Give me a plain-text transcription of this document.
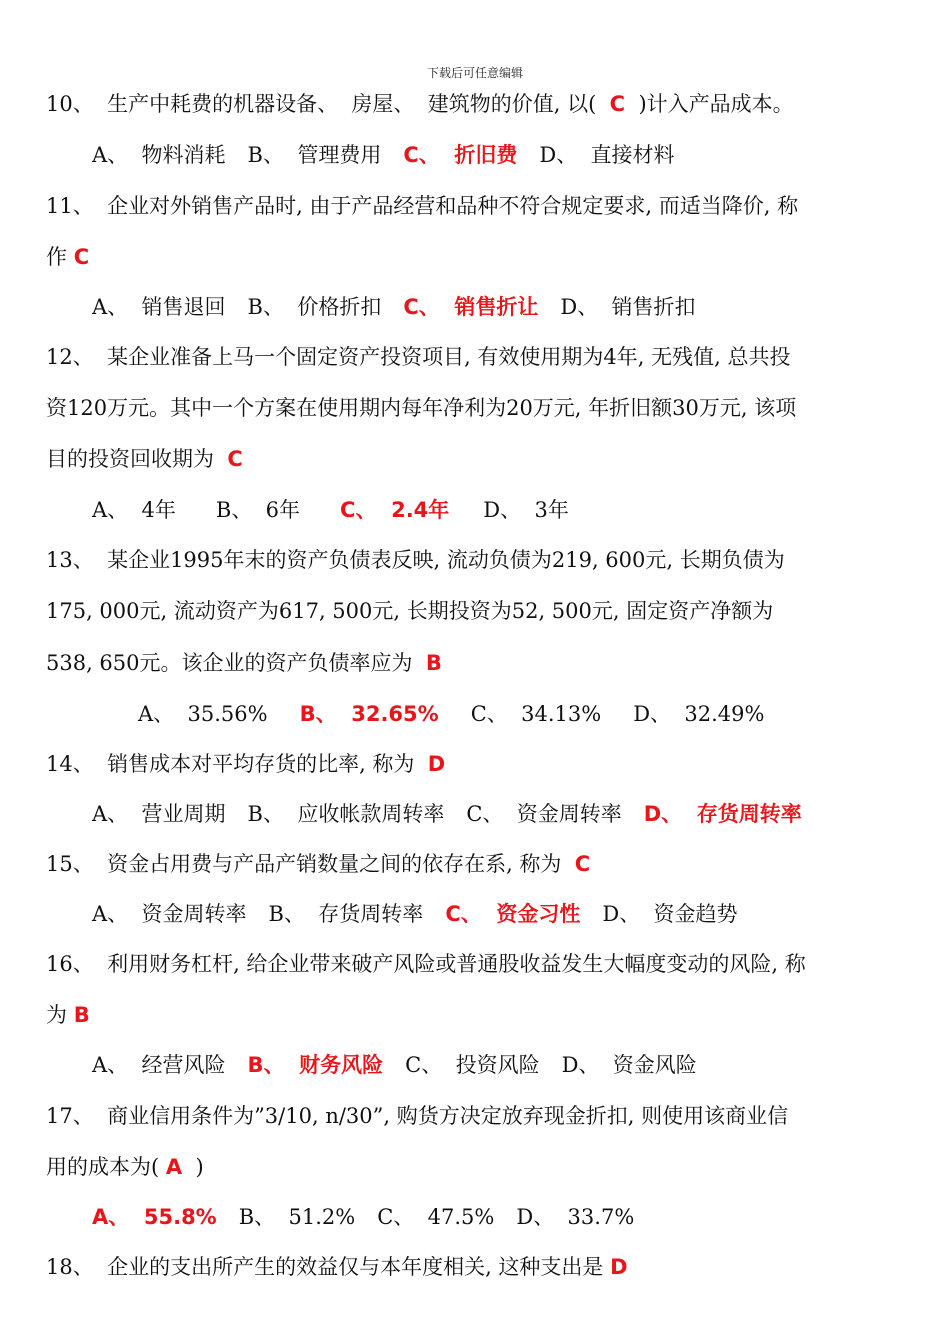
下载后可任意编辑
10、  生产中耗费的机器设备、  房屋、  建筑物的价值, 以(  C  )计入产品成本。
A、  物料消耗 B、  管理费用 C、  折旧费 D、  直接材料
11、  企业对外销售产品时, 由于产品经营和品种不符合规定要求, 而适当降价, 称
作 C
A、  销售退回 B、  价格折扣 C、  销售折让 D、  销售折扣
12、  某企业准备上马一个固定资产投资项目, 有效使用期为4年, 无残值, 总共投
资120万元。其中一个方案在使用期内每年净利为20万元, 年折旧额30万元, 该项
目的投资回收期为  C
A、  4年 B、  6年 C、  2.4年 D、  3年
13、  某企业1995年末的资产负债表反映, 流动负债为219, 600元, 长期负债为
175, 000元, 流动资产为617, 500元, 长期投资为52, 500元, 固定资产净额为
538, 650元。该企业的资产负债率应为  B
A、  35.56% B、  32.65% C、  34.13% D、  32.49%
14、  销售成本对平均存货的比率, 称为  D
A、  营业周期 B、  应收帐款周转率 C、  资金周转率 D、  存货周转率
15、  资金占用费与产品产销数量之间的依存在系, 称为  C
A、  资金周转率 B、  存货周转率 C、  资金习性 D、  资金趋势
16、  利用财务杠杆, 给企业带来破产风险或普通股收益发生大幅度变动的风险, 称
为 B
A、  经营风险 B、  财务风险 C、  投资风险 D、  资金风险
17、  商业信用条件为”3/10, n/30”, 购货方决定放弃现金折扣, 则使用该商业信
用的成本为( A  )
A、  55.8% B、  51.2% C、  47.5% D、  33.7%
18、  企业的支出所产生的效益仅与本年度相关, 这种支出是 D
